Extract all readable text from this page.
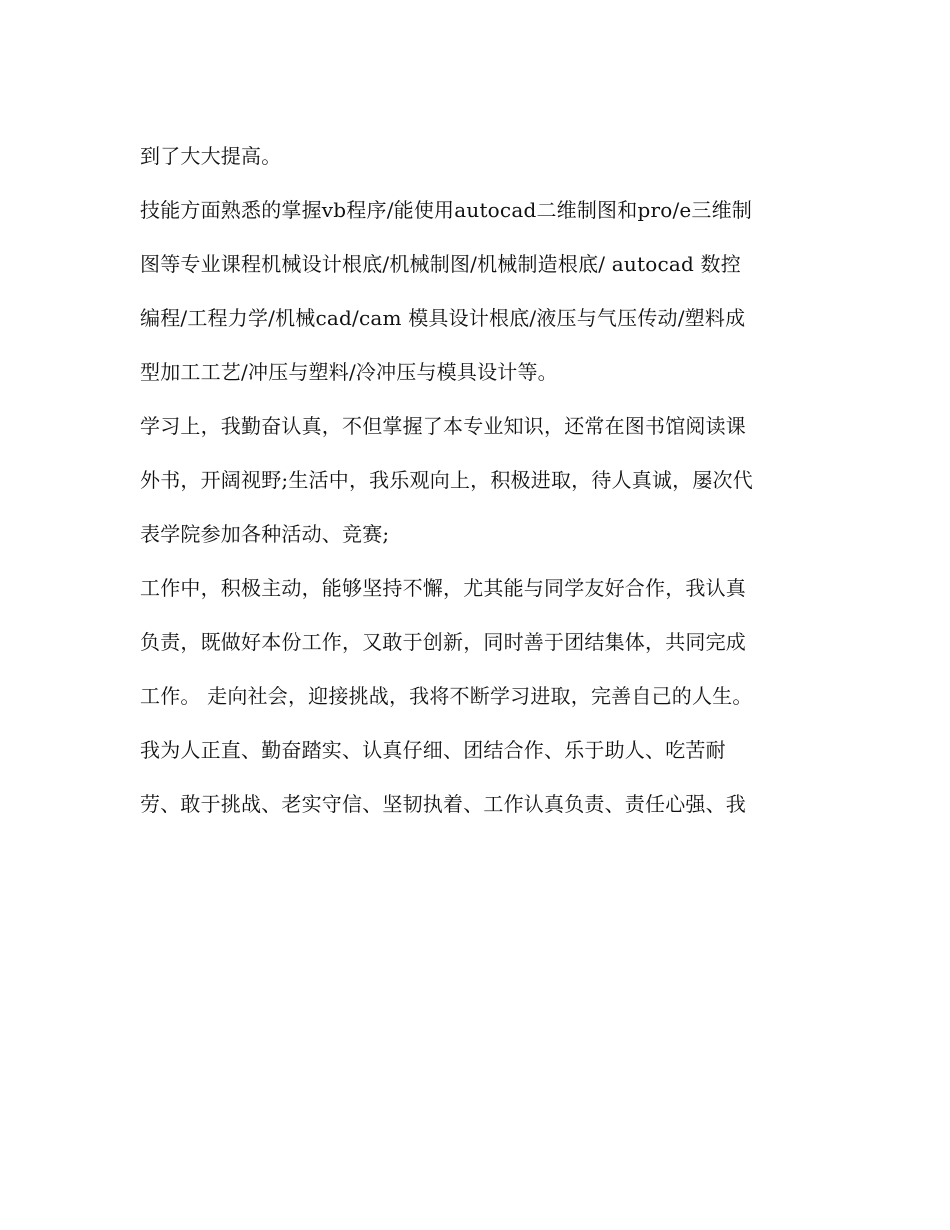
到了大大提高。
技能方面熟悉的掌握vb程序/能使用autocad二维制图和pro/e三维制
图等专业课程机械设计根底/机械制图/机械制造根底/ autocad 数控
编程/工程力学/机械cad/cam 模具设计根底/液压与气压传动/塑料成
型加工工艺/冲压与塑料/冷冲压与模具设计等。
学习上，我勤奋认真，不但掌握了本专业知识，还常在图书馆阅读课
外书，开阔视野;生活中，我乐观向上，积极进取，待人真诚，屡次代
表学院参加各种活动、竞赛;
工作中，积极主动，能够坚持不懈，尤其能与同学友好合作，我认真
负责，既做好本份工作，又敢于创新，同时善于团结集体，共同完成
工作。 走向社会，迎接挑战，我将不断学习进取，完善自己的人生。
我为人正直、勤奋踏实、认真仔细、团结合作、乐于助人、吃苦耐
劳、敢于挑战、老实守信、坚韧执着、工作认真负责、责任心强、我
